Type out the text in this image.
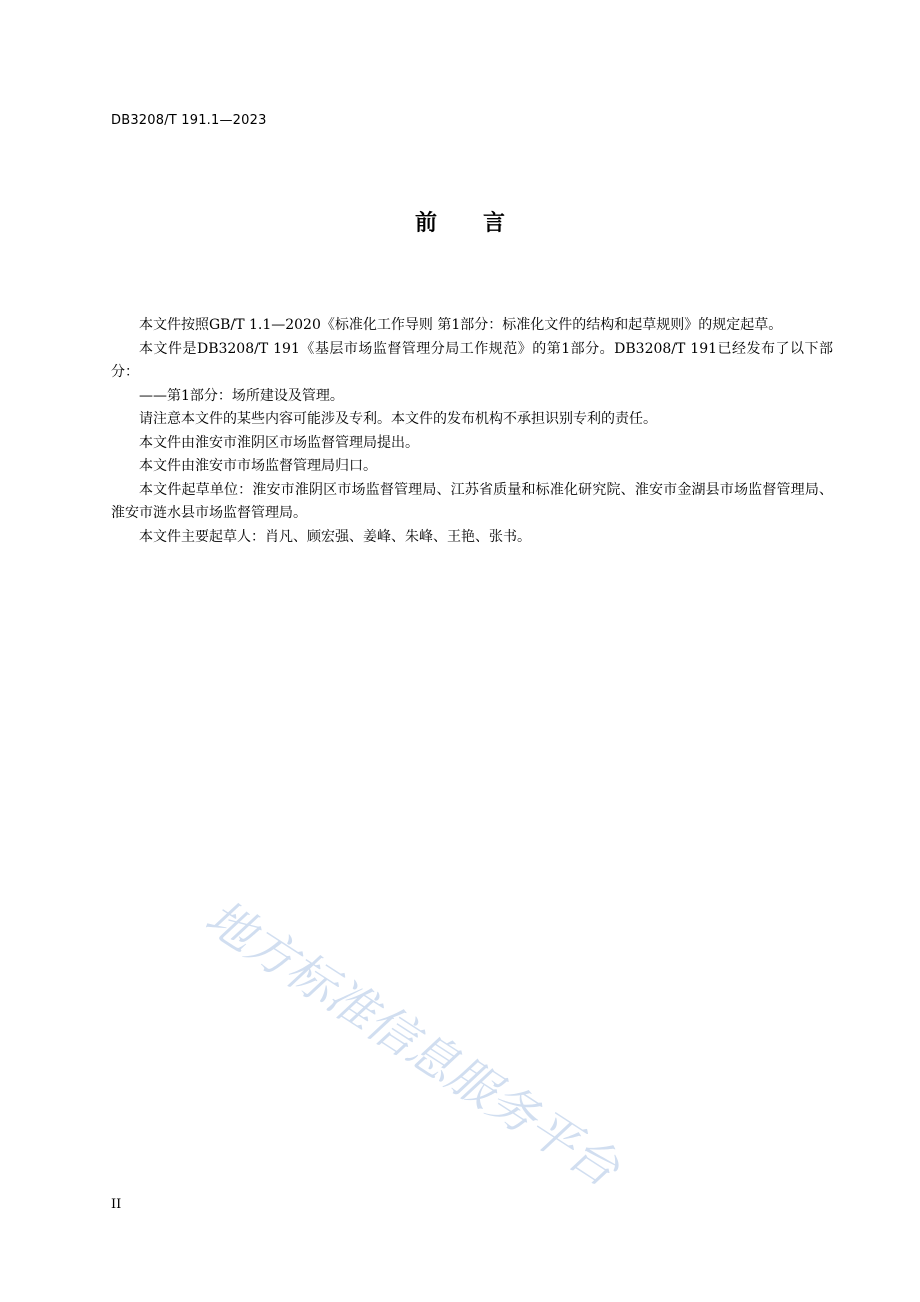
DB3208/T 191.1—2023
前言

本文件按照GB/T 1.1—2020《标准化工作导则 第1部分：标准化文件的结构和起草规则》的规定起草。

本文件是DB3208/T 191《基层市场监督管理分局工作规范》的第1部分。DB3208/T 191已经发布了以下部分：

——第1部分：场所建设及管理。

请注意本文件的某些内容可能涉及专利。本文件的发布机构不承担识别专利的责任。

本文件由淮安市淮阴区市场监督管理局提出。

本文件由淮安市市场监督管理局归口。

本文件起草单位：淮安市淮阴区市场监督管理局、江苏省质量和标准化研究院、淮安市金湖县市场监督管理局、淮安市涟水县市场监督管理局。

本文件主要起草人：肖凡、顾宏强、姜峰、朱峰、王艳、张书。

地方标准信息服务平台
II
